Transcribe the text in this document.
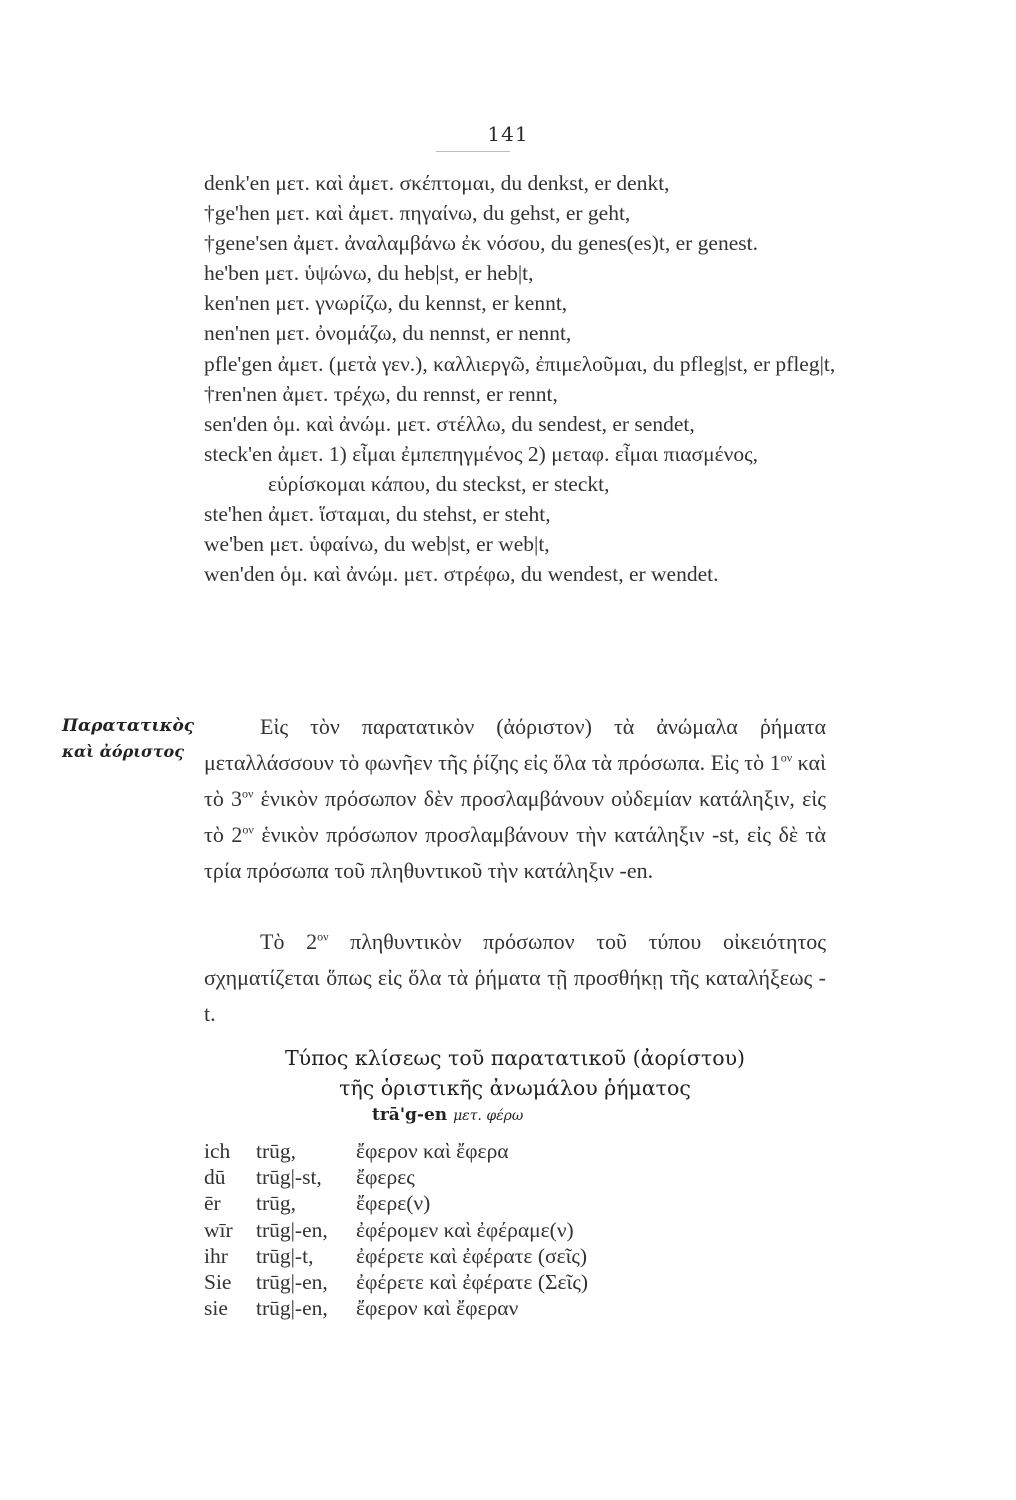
141
denk'en μετ. καὶ ἀμετ. σκέπτομαι, du denkst, er denkt,
†ge'hen μετ. καὶ ἀμετ. πηγαίνω, du gehst, er geht,
†gene'sen ἀμετ. ἀναλαμβάνω ἐκ νόσου, du genes(es)t, er genest.
he'ben μετ. ὑψώνω, du heb|st, er heb|t,
ken'nen μετ. γνωρίζω, du kennst, er kennt,
nen'nen μετ. ὀνομάζω, du nennst, er nennt,
pfle'gen ἀμετ. (μετὰ γεν.), καλλιεργῶ, ἐπιμελοῦμαι, du pfleg|st, er pfleg|t,
†ren'nen ἀμετ. τρέχω, du rennst, er rennt,
sen'den ὁμ. καὶ ἀνώμ. μετ. στέλλω, du sendest, er sendet,
steck'en ἀμετ. 1) εἶμαι ἐμπεπηγμένος 2) μεταφ. εἶμαι πιασμένος, εὑρίσκομαι κάπου, du steckst, er steckt,
ste'hen ἀμετ. ἵσταμαι, du stehst, er steht,
we'ben μετ. ὑφαίνω, du web|st, er web|t,
wen'den ὁμ. καὶ ἀνώμ. μετ. στρέφω, du wendest, er wendet.
Παρατατικὸς
καὶ ἀόριστος

Εἰς τὸν παρατατικὸν (ἀόριστον) τὰ ἀνώμαλα ῥήματα μεταλλάσσουν τὸ φωνῆεν τῆς ῥίζης εἰς ὅλα τὰ πρόσωπα. Εἰς τὸ $1^{o\nu}$ καὶ τὸ $3^{o\nu}$ ἑνικὸν πρόσωπον δὲν προσλαμβάνουν οὐδεμίαν κατάληξιν, εἰς τὸ $2^{o\nu}$ ἑνικὸν πρόσωπον προσλαμβάνουν τὴν κατάληξιν -st, εἰς δὲ τὰ τρία πρόσωπα τοῦ πληθυντικοῦ τὴν κατάληξιν -en.

Τὸ $2^{o\nu}$ πληθυντικὸν πρόσωπον τοῦ τύπου οἰκειότητος σχηματίζεται ὅπως εἰς ὅλα τὰ ῥήματα τῇ προσθήκῃ τῆς καταλήξεως -t.

Τύπος κλίσεως τοῦ παρατατικοῦ (ἀορίστου)
τῆς ὁριστικῆς ἀνωμάλου ῥήματος
trā'g-en μετ. φέρω
ich	trūg,	ἔφερον καὶ ἔφερα
dū	trūg|-st,	ἔφερες
ēr	trūg,	ἔφερε(ν)
wīr	trūg|-en,	ἐφέρομεν καὶ ἐφέραμε(ν)
ihr	trūg|-t,	ἐφέρετε καὶ ἐφέρατε (σεῖς)
Sie	trūg|-en,	ἐφέρετε καὶ ἐφέρατε (Σεῖς)
sie	trūg|-en,	ἔφερον καὶ ἔφεραν
